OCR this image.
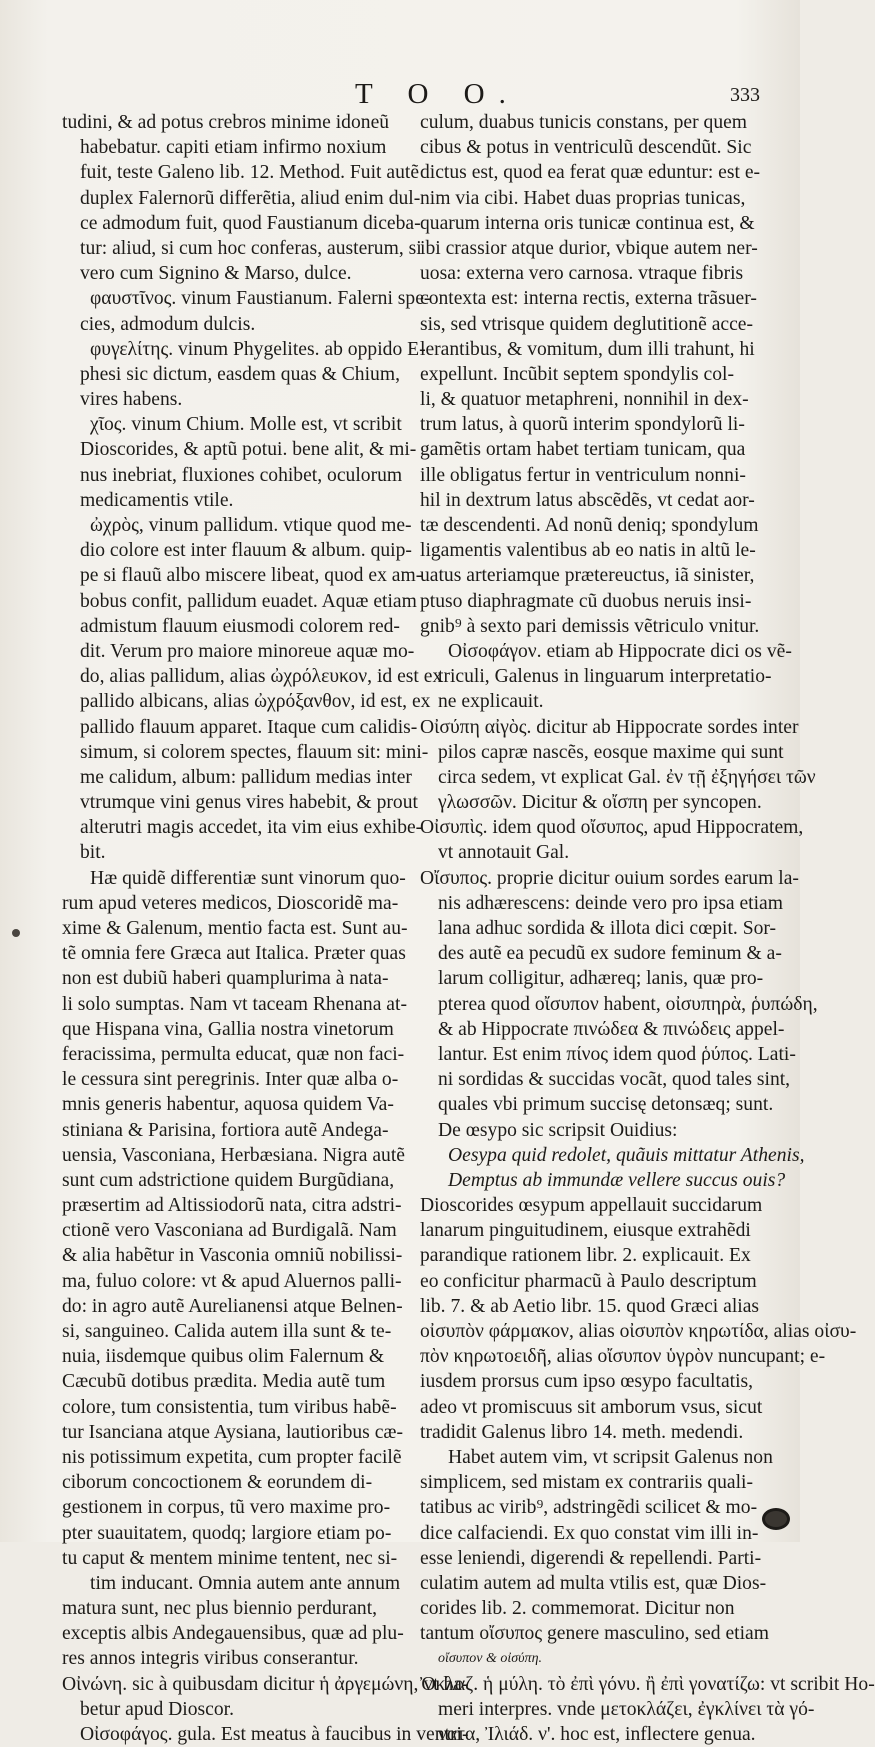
T O O.	333
tudini, & ad potus crebros minime idoneũ
habebatur. capiti etiam infirmo noxium
fuit, teste Galeno lib. 12. Method. Fuit autẽ
duplex Falernorũ differẽtia, aliud enim dul-
ce admodum fuit, quod Faustianum diceba-
tur: aliud, si cum hoc conferas, austerum, si
vero cum Signino & Marso, dulce.
φαυστῖνος. vinum Faustianum. Falerni spe-
cies, admodum dulcis.
φυγελίτης. vinum Phygelites. ab oppido E-
phesi sic dictum, easdem quas & Chium,
vires habens.
χῖος. vinum Chium. Molle est, vt scribit
Dioscorides, & aptũ potui. bene alit, & mi-
nus inebriat, fluxiones cohibet, oculorum
medicamentis vtile.
ὠχρὸς, vinum pallidum. vtique quod me-
dio colore est inter flauum & album. quip-
pe si flauũ albo miscere libeat, quod ex am-
bobus confit, pallidum euadet. Aquæ etiam
admistum flauum eiusmodi colorem red-
dit. Verum pro maiore minoreue aquæ mo-
do, alias pallidum, alias ὠχρόλευκον, id est ex
pallido albicans, alias ὠχρόξανθον, id est, ex
pallido flauum apparet. Itaque cum calidis-
simum, si colorem spectes, flauum sit: mini-
me calidum, album: pallidum medias inter
vtrumque vini genus vires habebit, & prout
alterutri magis accedet, ita vim eius exhibe-
bit.
Hæ quidẽ differentiæ sunt vinorum quo-
rum apud veteres medicos, Dioscoridẽ ma-
xime & Galenum, mentio facta est. Sunt au-
tẽ omnia fere Græca aut Italica. Præter quas
non est dubiũ haberi quamplurima à nata-
li solo sumptas. Nam vt taceam Rhenana at-
que Hispana vina, Gallia nostra vinetorum
feracissima, permulta educat, quæ non faci-
le cessura sint peregrinis. Inter quæ alba o-
mnis generis habentur, aquosa quidem Va-
stiniana & Parisina, fortiora autẽ Andega-
uensia, Vasconiana, Herbæsiana. Nigra autẽ
sunt cum adstrictione quidem Burgũdiana,
præsertim ad Altissiodorũ nata, citra adstri-
ctionẽ vero Vasconiana ad Burdigalã. Nam
& alia habẽtur in Vasconia omniũ nobilissi-
ma, fuluo colore: vt & apud Aluernos palli-
do: in agro autẽ Aurelianensi atque Belnen-
si, sanguineo. Calida autem illa sunt & te-
nuia, iisdemque quibus olim Falernum &
Cæcubũ dotibus prædita. Media autẽ tum
colore, tum consistentia, tum viribus habẽ-
tur Isanciana atque Aysiana, lautioribus cæ-
nis potissimum expetita, cum propter facilẽ
ciborum concoctionem & eorundem di-
gestionem in corpus, tũ vero maxime pro-
pter suauitatem, quodq; largiore etiam po-
tu caput & mentem minime tentent, nec si-
tim inducant. Omnia autem ante annum
matura sunt, nec plus biennio perdurant,
exceptis albis Andegauensibus, quæ ad plu-
res annos integris viribus conserantur.
Οἰνώνη. sic à quibusdam dicitur ἡ ἀργεμώνη, vt ha-
betur apud Dioscor.
Οἰσοφάγος. gula. Est meatus à faucibus in ventri-
culum, duabus tunicis constans, per quem
cibus & potus in ventriculũ descendũt. Sic
dictus est, quod ea ferat quæ eduntur: est e-
nim via cibi. Habet duas proprias tunicas,
quarum interna oris tunicæ continua est, &
ibi crassior atque durior, vbique autem ner-
uosa: externa vero carnosa. vtraque fibris
contexta est: interna rectis, externa trãsuer-
sis, sed vtrisque quidem deglutitionẽ acce-
lerantibus, & vomitum, dum illi trahunt, hi
expellunt. Incũbit septem spondylis col-
li, & quatuor metaphreni, nonnihil in dex-
trum latus, à quorũ interim spondylorũ li-
gamẽtis ortam habet tertiam tunicam, qua
ille obligatus fertur in ventriculum nonni-
hil in dextrum latus abscẽdẽs, vt cedat aor-
tæ descendenti. Ad nonũ deniq; spondylum
ligamentis valentibus ab eo natis in altũ le-
uatus arteriamque prætereuctus, iã sinister,
ptuso diaphragmate cũ duobus neruis insi-
gnib⁹ à sexto pari demissis vẽtriculo vnitur.
Οἰσοφάγον. etiam ab Hippocrate dici os vẽ-
triculi, Galenus in linguarum interpretatio-
ne explicauit.
Οἰσύπη αἰγὸς. dicitur ab Hippocrate sordes inter
pilos capræ nascẽs, eosque maxime qui sunt
circa sedem, vt explicat Gal. ἐν τῇ ἐξηγήσει τῶν
γλωσσῶν. Dicitur & οἴσπη per syncopen.
Οἰσυπὶς. idem quod οἴσυπος, apud Hippocratem,
vt annotauit Gal.
Οἴσυπος. proprie dicitur ouium sordes earum la-
nis adhærescens: deinde vero pro ipsa etiam
lana adhuc sordida & illota dici cœpit. Sor-
des autẽ ea pecudũ ex sudore feminum & a-
larum colligitur, adhæreq; lanis, quæ pro-
pterea quod οἴσυπον habent, οἰσυπηρὰ, ῥυπώδη,
& ab Hippocrate πινώδεα & πινώδεις appel-
lantur. Est enim πίνος idem quod ῥύπος. Lati-
ni sordidas & succidas vocãt, quod tales sint,
quales vbi primum succisę detonsæq; sunt.
De œsypo sic scripsit Ouidius:
Oesypa quid redolet, quãuis mittatur Athenis,
Demptus ab immundæ vellere succus ouis?
Dioscorides œsypum appellauit succidarum
lanarum pinguitudinem, eiusque extrahẽdi
parandique rationem libr. 2. explicauit. Ex
eo conficitur pharmacũ à Paulo descriptum
lib. 7. & ab Aetio libr. 15. quod Græci alias
οἰσυπὸν φάρμακον, alias οἰσυπὸν κηρωτίδα, alias οἰσυ-
πὸν κηρωτοειδῆ, alias οἴσυπον ὑγρὸν nuncupant; e-
iusdem prorsus cum ipso œsypo facultatis,
adeo vt promiscuus sit amborum vsus, sicut
tradidit Galenus libro 14. meth. medendi.
Habet autem vim, vt scripsit Galenus non
simplicem, sed mistam ex contrariis quali-
tatibus ac virib⁹, adstringẽdi scilicet & mo-
dice calfaciendi. Ex quo constat vim illi in-
esse leniendi, digerendi & repellendi. Parti-
culatim autem ad multa vtilis est, quæ Dios-
corides lib. 2. commemorat. Dicitur non
tantum οἴσυπος genere masculino, sed etiam
οἴσυπον & οἰσύπη.
Ὀκλαζ. ἡ μύλη. τὸ ἐπὶ γόνυ. ἢ ἐπὶ γονατίζω: vt scribit Ho-
meri interpres. vnde μετοκλάζει, ἐγκλίνει τὰ γό-
νατα, Ἰλιάδ. ν'. hoc est, inflectere genua.
